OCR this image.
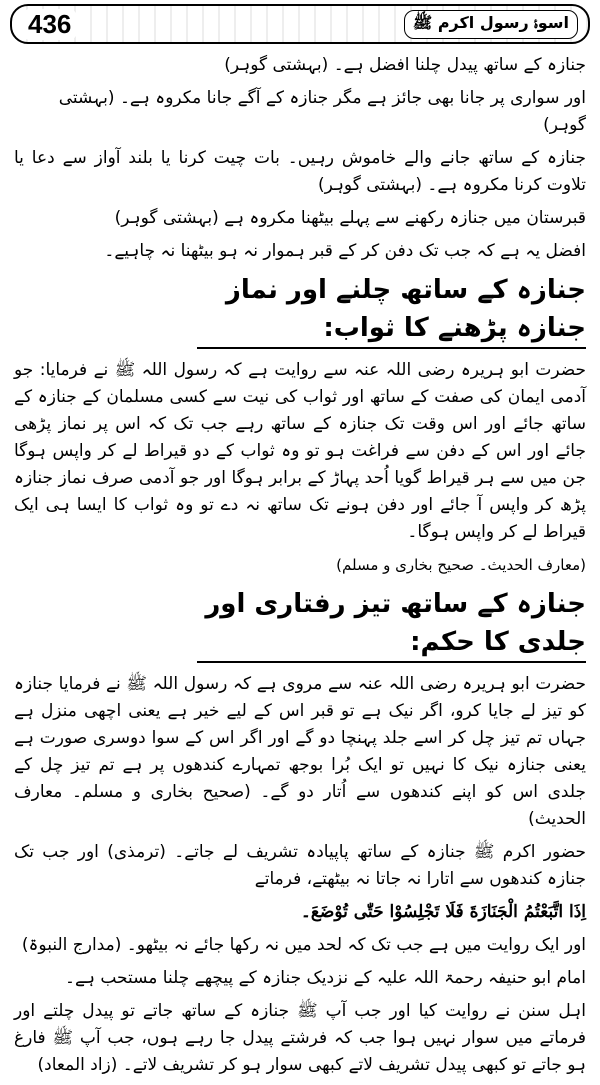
436	اسوۂ رسول اکرم ﷺ

جنازہ کے ساتھ پیدل چلنا افضل ہے۔ (بہشتی گوہر)

اور سواری پر جانا بھی جائز ہے مگر جنازہ کے آگے جانا مکروہ ہے۔ (بہشتی گوہر)

جنازہ کے ساتھ جانے والے خاموش رہیں۔ بات چیت کرنا یا بلند آواز سے دعا یا تلاوت کرنا مکروہ ہے۔ (بہشتی گوہر)

قبرستان میں جنازہ رکھنے سے پہلے بیٹھنا مکروہ ہے (بہشتی گوہر)

افضل یہ ہے کہ جب تک دفن کر کے قبر ہموار نہ ہو بیٹھنا نہ چاہیے۔

جنازہ کے ساتھ چلنے اور نماز جنازہ پڑھنے کا ثواب:

حضرت ابو ہریرہ رضی اللہ عنہ سے روایت ہے کہ رسول اللہ ﷺ نے فرمایا: جو آدمی ایمان کی صفت کے ساتھ اور ثواب کی نیت سے کسی مسلمان کے جنازہ کے ساتھ جائے اور اس وقت تک جنازہ کے ساتھ رہے جب تک کہ اس پر نماز پڑھی جائے اور اس کے دفن سے فراغت ہو تو وہ ثواب کے دو قیراط لے کر واپس ہوگا جن میں سے ہر قیراط گویا اُحد پہاڑ کے برابر ہوگا اور جو آدمی صرف نماز جنازہ پڑھ کر واپس آ جائے اور دفن ہونے تک ساتھ نہ دے تو وہ ثواب کا ایسا ہی ایک قیراط لے کر واپس ہوگا۔

(معارف الحدیث۔ صحیح بخاری و مسلم)

جنازہ کے ساتھ تیز رفتاری اور جلدی کا حکم:

حضرت ابو ہریرہ رضی اللہ عنہ سے مروی ہے کہ رسول اللہ ﷺ نے فرمایا جنازہ کو تیز لے جایا کرو، اگر نیک ہے تو قبر اس کے لیے خیر ہے یعنی اچھی منزل ہے جہاں تم تیز چل کر اسے جلد پہنچا دو گے اور اگر اس کے سوا دوسری صورت ہے یعنی جنازہ نیک کا نہیں تو ایک بُرا بوجھ تمہارے کندھوں پر ہے تم تیز چل کے جلدی اس کو اپنے کندھوں سے اُتار دو گے۔ (صحیح بخاری و مسلم۔ معارف الحدیث)

حضور اکرم ﷺ جنازہ کے ساتھ پاپیادہ تشریف لے جاتے۔ (ترمذی) اور جب تک جنازہ کندھوں سے اتارا نہ جاتا نہ بیٹھتے، فرماتے

اِذَا اتَّبَعْتُمُ الْجَنَازَةَ فَلَا تَجْلِسُوْا حَتّٰی تُوْضَعَ۔

اور ایک روایت میں ہے جب تک کہ لحد میں نہ رکھا جائے نہ بیٹھو۔ (مدارج النبوۃ)

امام ابو حنیفہ رحمۃ اللہ علیہ کے نزدیک جنازہ کے پیچھے چلنا مستحب ہے۔

اہل سنن نے روایت کیا اور جب آپ ﷺ جنازہ کے ساتھ جاتے تو پیدل چلتے اور فرماتے میں سوار نہیں ہوا جب کہ فرشتے پیدل جا رہے ہوں، جب آپ ﷺ فارغ ہو جاتے تو کبھی پیدل تشریف لاتے کبھی سوار ہو کر تشریف لاتے۔ (زاد المعاد)
